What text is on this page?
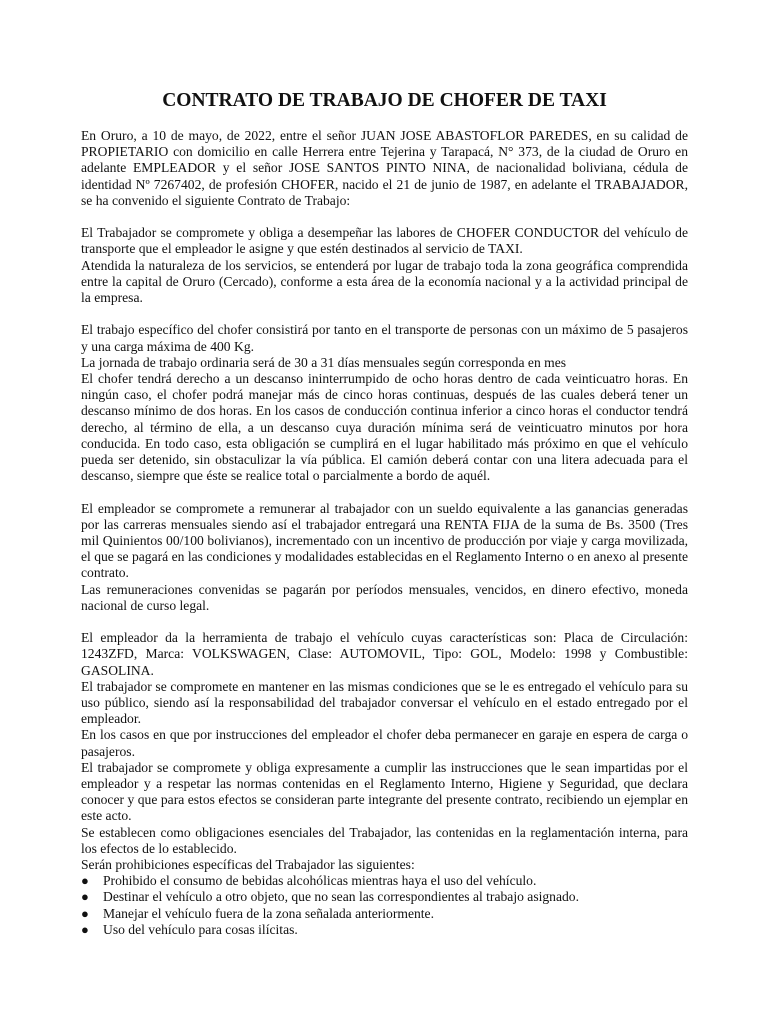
CONTRATO DE TRABAJO DE CHOFER DE TAXI

En Oruro, a 10 de mayo, de 2022, entre el señor JUAN JOSE ABASTOFLOR PAREDES, en su calidad de PROPIETARIO con domicilio en calle Herrera entre Tejerina y Tarapacá, N° 373, de la ciudad de Oruro en adelante EMPLEADOR y el señor JOSE SANTOS PINTO NINA, de nacionalidad boliviana, cédula de identidad Nº 7267402, de profesión CHOFER, nacido el 21 de junio de 1987, en adelante el TRABAJADOR, se ha convenido el siguiente Contrato de Trabajo:

El Trabajador se compromete y obliga a desempeñar las labores de CHOFER CONDUCTOR del vehículo de transporte que el empleador le asigne y que estén destinados al servicio de TAXI.

Atendida la naturaleza de los servicios, se entenderá por lugar de trabajo toda la zona geográfica comprendida entre la capital de Oruro (Cercado), conforme a esta área de la economía nacional y a la actividad principal de la empresa.

El trabajo específico del chofer consistirá por tanto en el transporte de personas con un máximo de 5 pasajeros y una carga máxima de 400 Kg.

La jornada de trabajo ordinaria será de 30 a 31 días mensuales según corresponda en mes

El chofer tendrá derecho a un descanso ininterrumpido de ocho horas dentro de cada veinticuatro horas. En ningún caso, el chofer podrá manejar más de cinco horas continuas, después de las cuales deberá tener un descanso mínimo de dos horas. En los casos de conducción continua inferior a cinco horas el conductor tendrá derecho, al término de ella, a un descanso cuya duración mínima será de veinticuatro minutos por hora conducida. En todo caso, esta obligación se cumplirá en el lugar habilitado más próximo en que el vehículo pueda ser detenido, sin obstaculizar la vía pública. El camión deberá contar con una litera adecuada para el descanso, siempre que éste se realice total o parcialmente a bordo de aquél.

El empleador se compromete a remunerar al trabajador con un sueldo equivalente a las ganancias generadas por las carreras mensuales siendo así el trabajador entregará una RENTA FIJA de la suma de Bs. 3500 (Tres mil Quinientos 00/100 bolivianos), incrementado con un incentivo de producción por viaje y carga movilizada, el que se pagará en las condiciones y modalidades establecidas en el Reglamento Interno o en anexo al presente contrato.

Las remuneraciones convenidas se pagarán por períodos mensuales, vencidos, en dinero efectivo, moneda nacional de curso legal.

El empleador da la herramienta de trabajo el vehículo cuyas características son: Placa de Circulación: 1243ZFD, Marca: VOLKSWAGEN, Clase: AUTOMOVIL, Tipo: GOL, Modelo: 1998 y Combustible: GASOLINA.

El trabajador se compromete en mantener en las mismas condiciones que se le es entregado el vehículo para su uso público, siendo así la responsabilidad del trabajador conversar el vehículo en el estado entregado por el empleador.

En los casos en que por instrucciones del empleador el chofer deba permanecer en garaje en espera de carga o pasajeros.

El trabajador se compromete y obliga expresamente a cumplir las instrucciones que le sean impartidas por el empleador y a respetar las normas contenidas en el Reglamento Interno, Higiene y Seguridad, que declara conocer y que para estos efectos se consideran parte integrante del presente contrato, recibiendo un ejemplar en este acto.

Se establecen como obligaciones esenciales del Trabajador, las contenidas en la reglamentación interna, para los efectos de lo establecido.

Serán prohibiciones específicas del Trabajador las siguientes:

● Prohibido el consumo de bebidas alcohólicas mientras haya el uso del vehículo.
● Destinar el vehículo a otro objeto, que no sean las correspondientes al trabajo asignado.
● Manejar el vehículo fuera de la zona señalada anteriormente.
● Uso del vehículo para cosas ilícitas.
